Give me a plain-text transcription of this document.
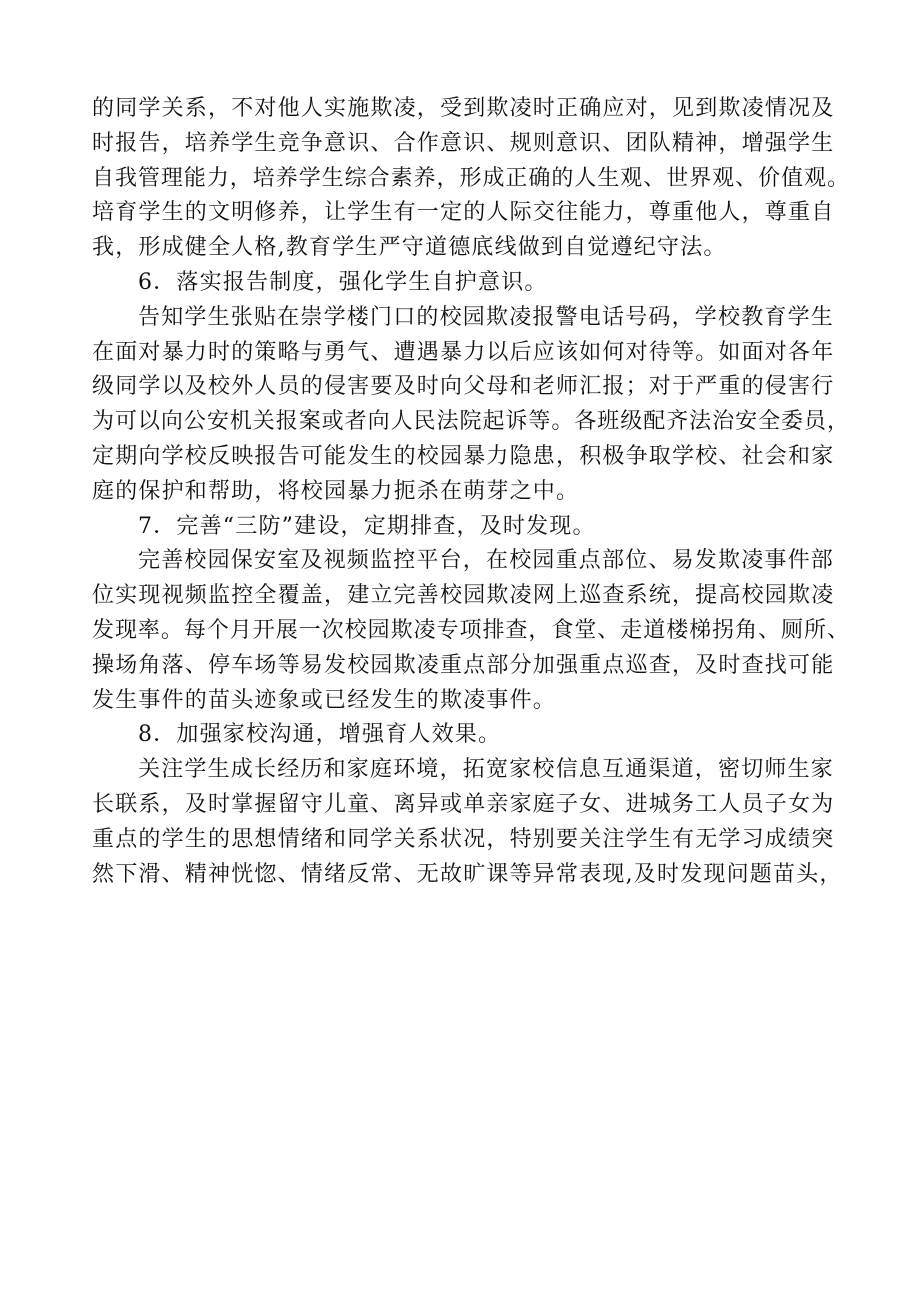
的同学关系，不对他人实施欺凌，受到欺凌时正确应对，见到欺凌情况及
时报告，培养学生竞争意识、合作意识、规则意识、团队精神，增强学生
自我管理能力，培养学生综合素养，形成正确的人生观、世界观、价值观。
培育学生的文明修养，让学生有一定的人际交往能力，尊重他人，尊重自
我，形成健全人格,教育学生严守道德底线做到自觉遵纪守法。
6．落实报告制度，强化学生自护意识。
告知学生张贴在崇学楼门口的校园欺凌报警电话号码，学校教育学生
在面对暴力时的策略与勇气、遭遇暴力以后应该如何对待等。如面对各年
级同学以及校外人员的侵害要及时向父母和老师汇报；对于严重的侵害行
为可以向公安机关报案或者向人民法院起诉等。各班级配齐法治安全委员，
定期向学校反映报告可能发生的校园暴力隐患，积极争取学校、社会和家
庭的保护和帮助，将校园暴力扼杀在萌芽之中。
7．完善“三防”建设，定期排查，及时发现。
完善校园保安室及视频监控平台，在校园重点部位、易发欺凌事件部
位实现视频监控全覆盖，建立完善校园欺凌网上巡查系统，提高校园欺凌
发现率。每个月开展一次校园欺凌专项排查，食堂、走道楼梯拐角、厕所、
操场角落、停车场等易发校园欺凌重点部分加强重点巡查，及时查找可能
发生事件的苗头迹象或已经发生的欺凌事件。
8．加强家校沟通，增强育人效果。
关注学生成长经历和家庭环境，拓宽家校信息互通渠道，密切师生家
长联系，及时掌握留守儿童、离异或单亲家庭子女、进城务工人员子女为
重点的学生的思想情绪和同学关系状况，特别要关注学生有无学习成绩突
然下滑、精神恍惚、情绪反常、无故旷课等异常表现,及时发现问题苗头，
